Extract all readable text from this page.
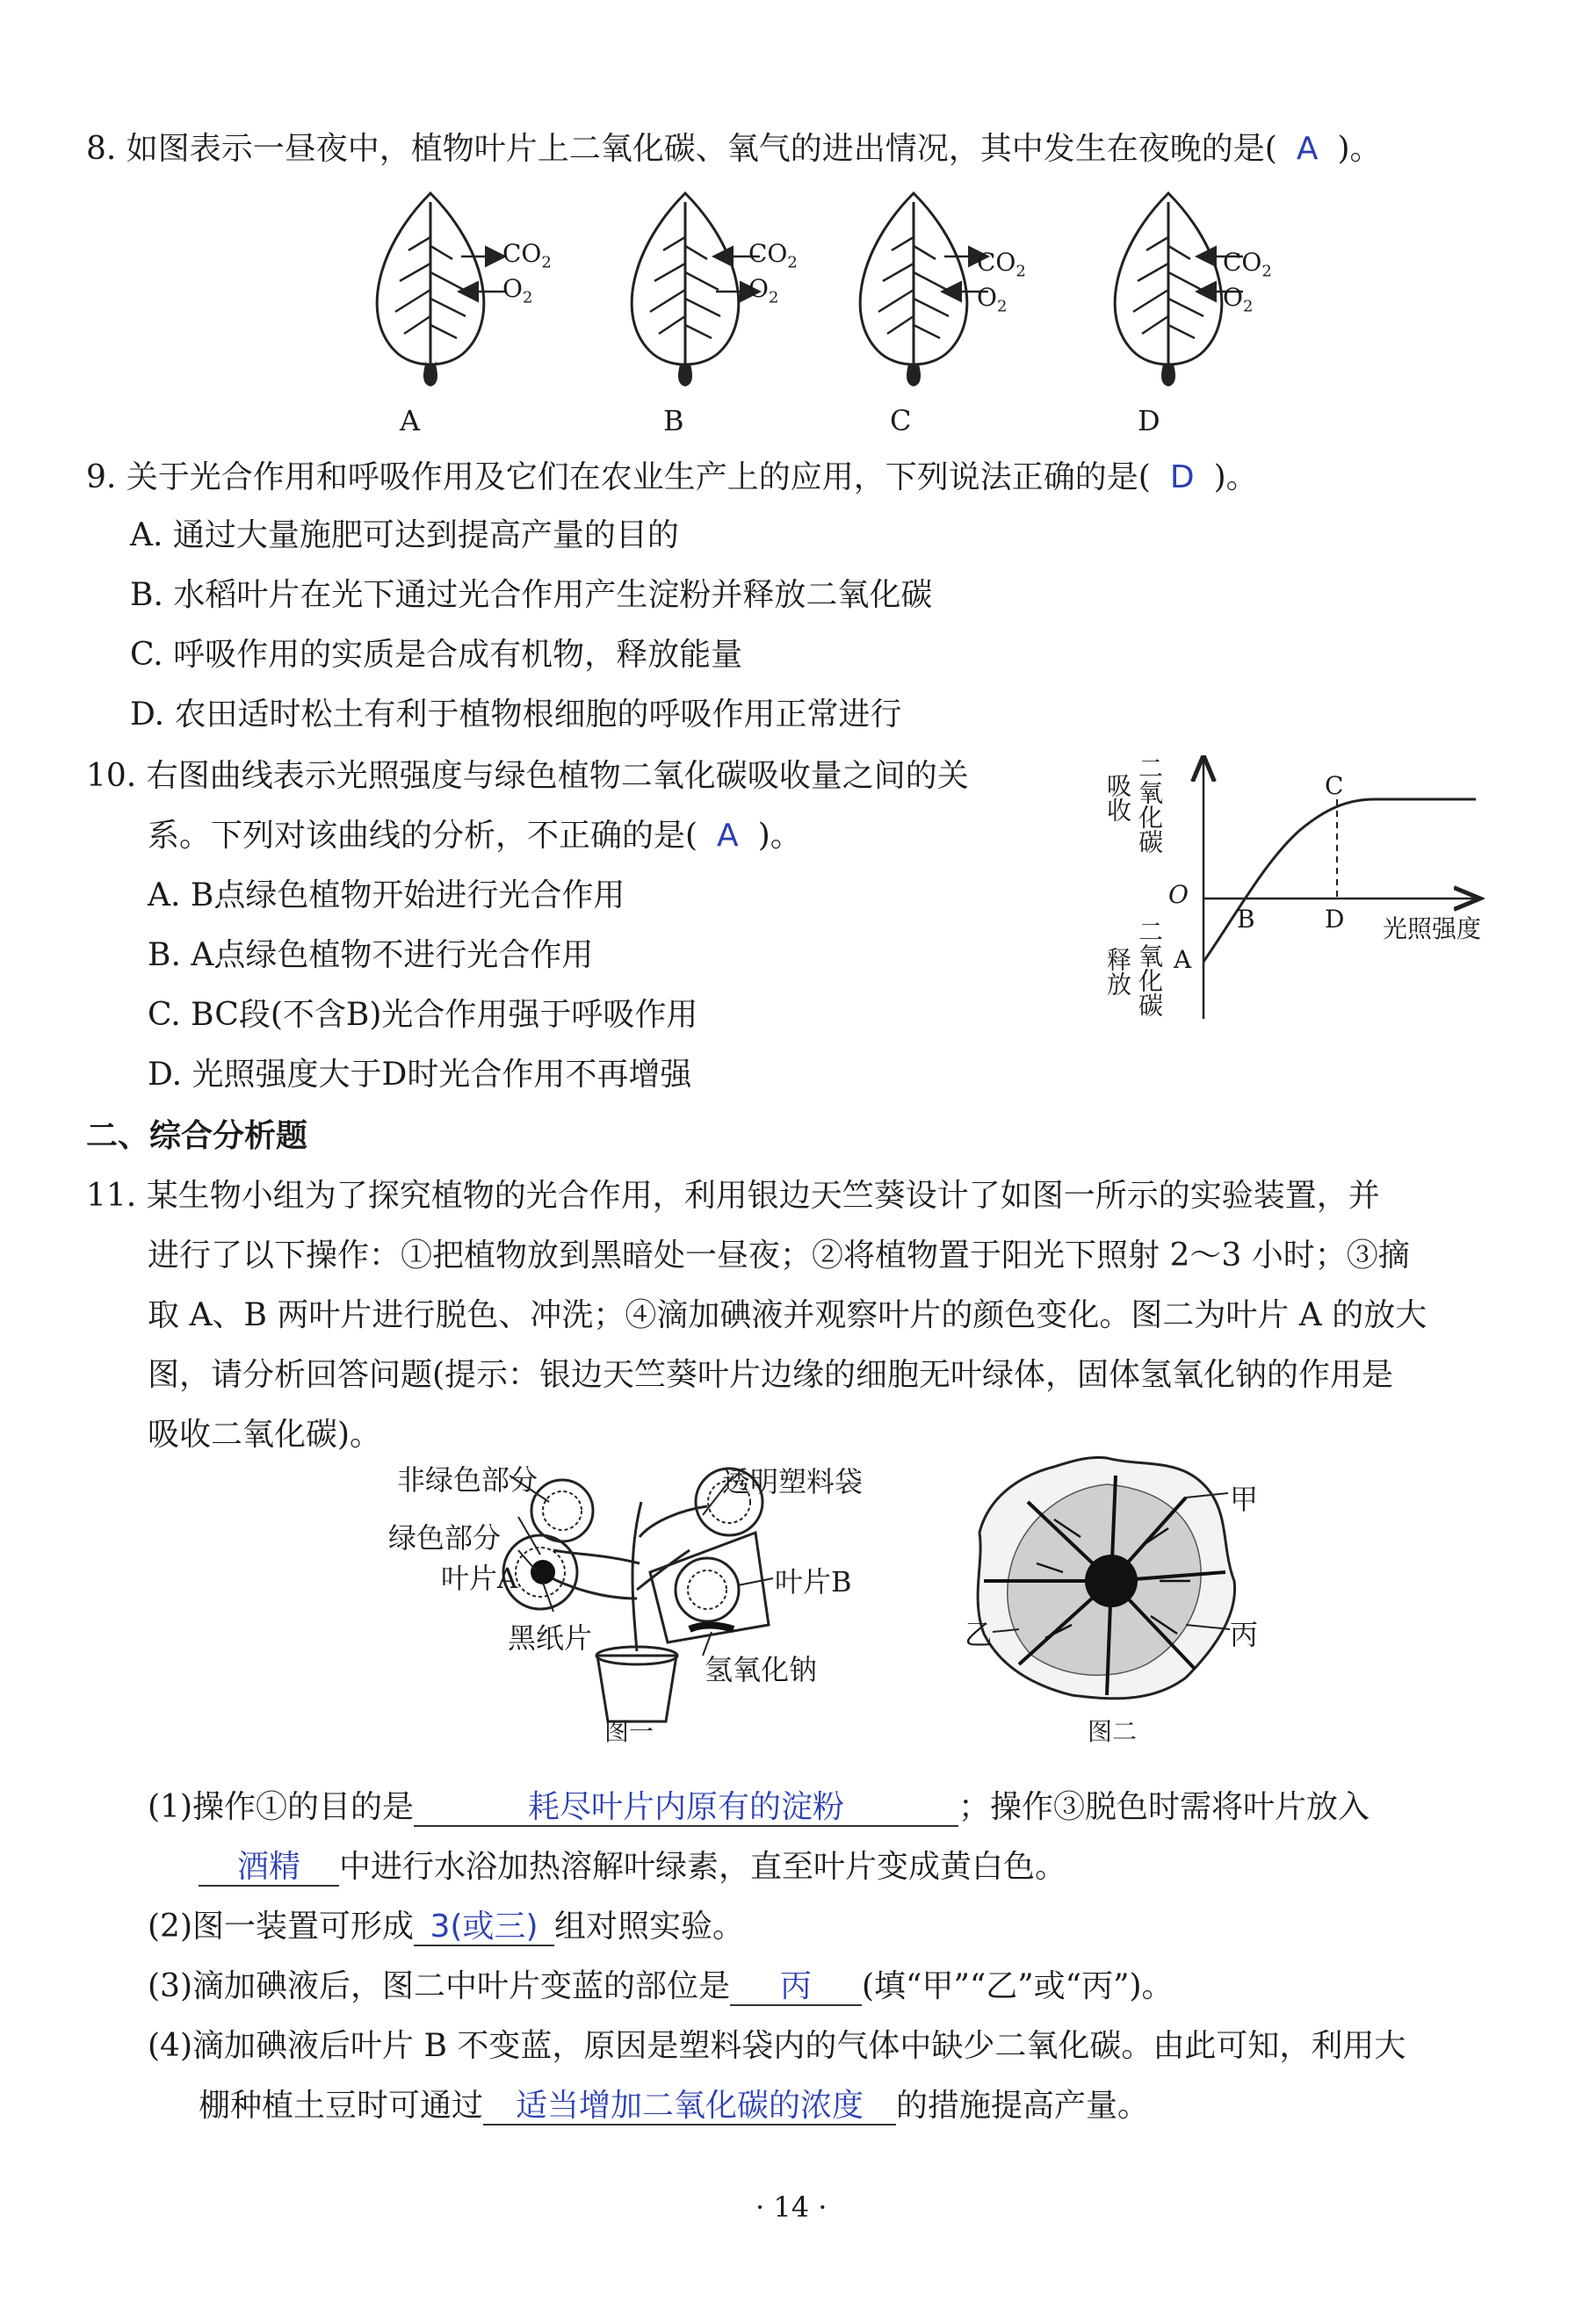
8. 如图表示一昼夜中，植物叶片上二氧化碳、氧气的进出情况，其中发生在夜晚的是( A )。
$CO_2$
$O_2$
$CO_2$
$O_2$
$CO_2$
$O_2$
$CO_2$
$O_2$
A	B	C	D
9. 关于光合作用和呼吸作用及它们在农业生产上的应用，下列说法正确的是( D )。
A. 通过大量施肥可达到提高产量的目的
B. 水稻叶片在光下通过光合作用产生淀粉并释放二氧化碳
C. 呼吸作用的实质是合成有机物，释放能量
D. 农田适时松土有利于植物根细胞的呼吸作用正常进行
10. 右图曲线表示光照强度与绿色植物二氧化碳吸收量之间的关
系。下列对该曲线的分析，不正确的是( A )。
A. B点绿色植物开始进行光合作用
B. A点绿色植物不进行光合作用
C. BC段(不含B)光合作用强于呼吸作用
D. 光照强度大于D时光合作用不再增强
吸收 二氧化碳
释放 二氧化碳
O
A
B
C
D 光照强度
二、综合分析题
11. 某生物小组为了探究植物的光合作用，利用银边天竺葵设计了如图一所示的实验装置，并
进行了以下操作：①把植物放到黑暗处一昼夜；②将植物置于阳光下照射 2～3 小时；③摘
取 A、B 两叶片进行脱色、冲洗；④滴加碘液并观察叶片的颜色变化。图二为叶片 A 的放大
图，请分析回答问题(提示：银边天竺葵叶片边缘的细胞无叶绿体，固体氢氧化钠的作用是
吸收二氧化碳)。
非绿色部分
绿色部分
叶片A
黑纸片
透明塑料袋
叶片B
氢氧化钠
图一
甲
乙	丙
图二
(1)操作①的目的是	耗尽叶片内原有的淀粉	；操作③脱色时需将叶片放入
酒精 中进行水浴加热溶解叶绿素，直至叶片变成黄白色。
(2)图一装置可形成 3(或三) 组对照实验。
(3)滴加碘液后，图二中叶片变蓝的部位是 丙 (填“甲”“乙”或“丙”)。
(4)滴加碘液后叶片 B 不变蓝，原因是塑料袋内的气体中缺少二氧化碳。由此可知，利用大
棚种植土豆时可通过 适当增加二氧化碳的浓度 的措施提高产量。
· 14 ·
